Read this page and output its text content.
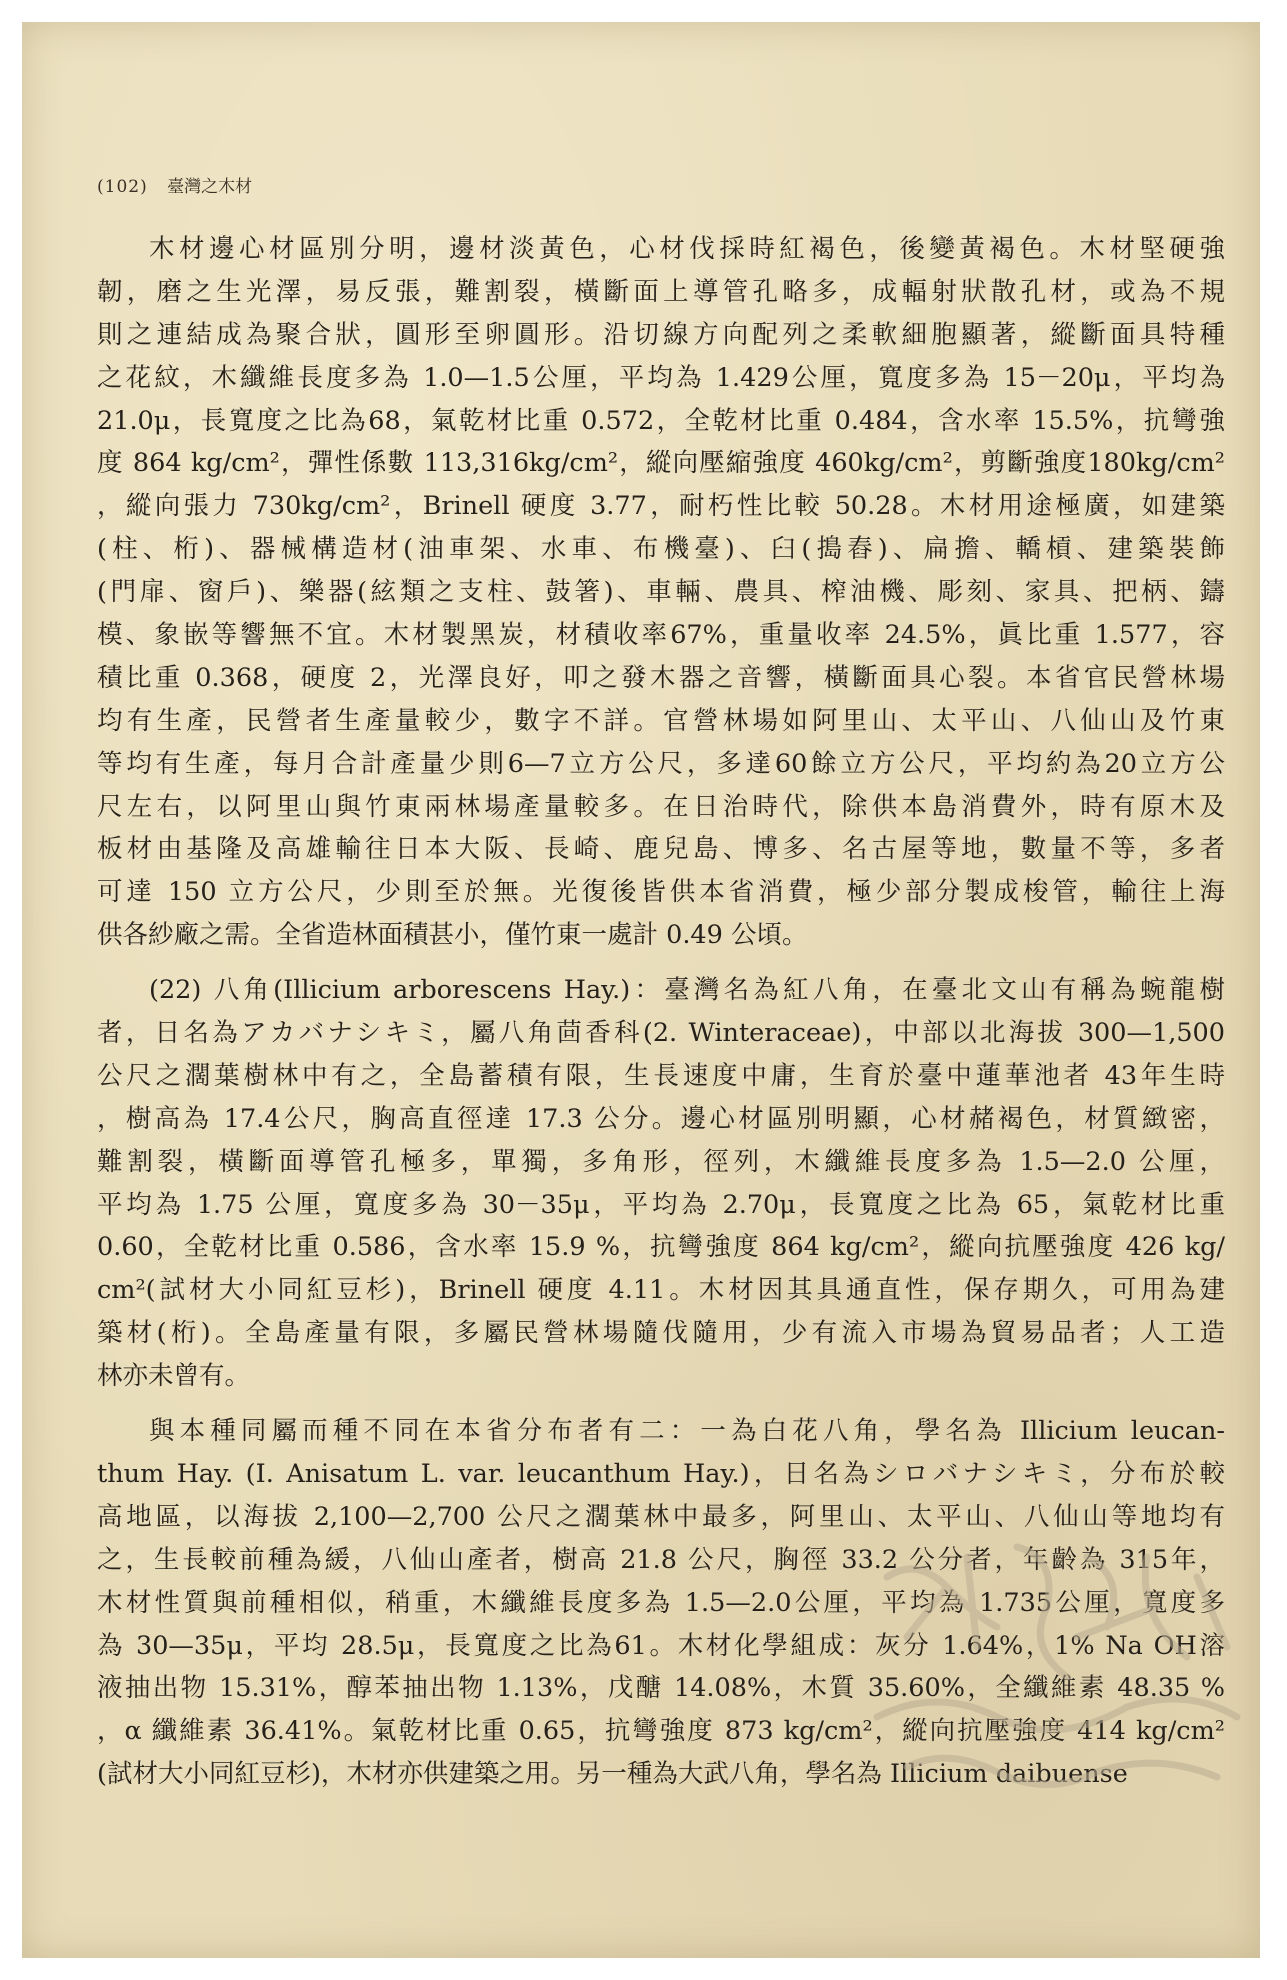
(102) 臺灣之木材
木材邊心材區別分明，邊材淡黃色，心材伐採時紅褐色，後變黃褐色。木材堅硬強
韌，磨之生光澤，易反張，難割裂，橫斷面上導管孔略多，成輻射狀散孔材，或為不規
則之連結成為聚合狀，圓形至卵圓形。沿切線方向配列之柔軟細胞顯著，縱斷面具特種
之花紋，木纖維長度多為 1.0—1.5公厘，平均為 1.429公厘，寬度多為 15－20μ，平均為
21.0μ，長寬度之比為68，氣乾材比重 0.572，全乾材比重 0.484，含水率 15.5%，抗彎強
度 864 kg/cm²，彈性係數 113,316kg/cm²，縱向壓縮強度 460kg/cm²，剪斷強度180kg/cm²
，縱向張力 730kg/cm²，Brinell 硬度 3.77，耐朽性比較 50.28。木材用途極廣，如建築
(柱、桁)、器械構造材(油車架、水車、布機臺)、臼(搗舂)、扁擔、轎槓、建築裝飾
(門扉、窗戶)、樂器(絃類之支柱、鼓箸)、車輛、農具、榨油機、彫刻、家具、把柄、鑄
模、象嵌等響無不宜。木材製黑炭，材積收率67%，重量收率 24.5%，眞比重 1.577，容
積比重 0.368，硬度 2，光澤良好，叩之發木器之音響，橫斷面具心裂。本省官民營林場
均有生產，民營者生產量較少，數字不詳。官營林場如阿里山、太平山、八仙山及竹東
等均有生產，每月合計產量少則6—7立方公尺，多達60餘立方公尺，平均約為20立方公
尺左右，以阿里山與竹東兩林場產量較多。在日治時代，除供本島消費外，時有原木及
板材由基隆及高雄輸往日本大阪、長崎、鹿兒島、博多、名古屋等地，數量不等，多者
可達 150 立方公尺，少則至於無。光復後皆供本省消費，極少部分製成梭管，輸往上海
供各紗廠之需。全省造林面積甚小，僅竹東一處計 0.49 公頃。
(22) 八角(Illicium arborescens Hay.)：臺灣名為紅八角，在臺北文山有稱為蜿龍樹
者，日名為アカバナシキミ，屬八角茴香科(2. Winteraceae)，中部以北海拔 300—1,500
公尺之濶葉樹林中有之，全島蓄積有限，生長速度中庸，生育於臺中蓮華池者 43年生時
，樹高為 17.4公尺，胸高直徑達 17.3 公分。邊心材區別明顯，心材赭褐色，材質緻密，
難割裂，橫斷面導管孔極多，單獨，多角形，徑列，木纖維長度多為 1.5—2.0 公厘，
平均為 1.75 公厘，寬度多為 30－35μ，平均為 2.70μ，長寬度之比為 65，氣乾材比重
0.60，全乾材比重 0.586，含水率 15.9 %，抗彎強度 864 kg/cm²，縱向抗壓強度 426 kg/
cm²(試材大小同紅豆杉)，Brinell 硬度 4.11。木材因其具通直性，保存期久，可用為建
築材(桁)。全島產量有限，多屬民營林場隨伐隨用，少有流入市場為貿易品者；人工造
林亦未曾有。
與本種同屬而種不同在本省分布者有二：一為白花八角，學名為 Illicium leucan-
thum Hay. (I. Anisatum L. var. leucanthum Hay.)，日名為シロバナシキミ，分布於較
高地區，以海拔 2,100—2,700 公尺之濶葉林中最多，阿里山、太平山、八仙山等地均有
之，生長較前種為緩，八仙山產者，樹高 21.8 公尺，胸徑 33.2 公分者，年齡為 315年，
木材性質與前種相似，稍重，木纖維長度多為 1.5—2.0公厘，平均為 1.735公厘，寬度多
為 30—35μ，平均 28.5μ，長寬度之比為61。木材化學組成：灰分 1.64%，1% Na OH溶
液抽出物 15.31%，醇苯抽出物 1.13%，戊醣 14.08%，木質 35.60%，全纖維素 48.35 %
，α 纖維素 36.41%。氣乾材比重 0.65，抗彎強度 873 kg/cm²，縱向抗壓強度 414 kg/cm²
(試材大小同紅豆杉)，木材亦供建築之用。另一種為大武八角，學名為 Illicium daibuense
